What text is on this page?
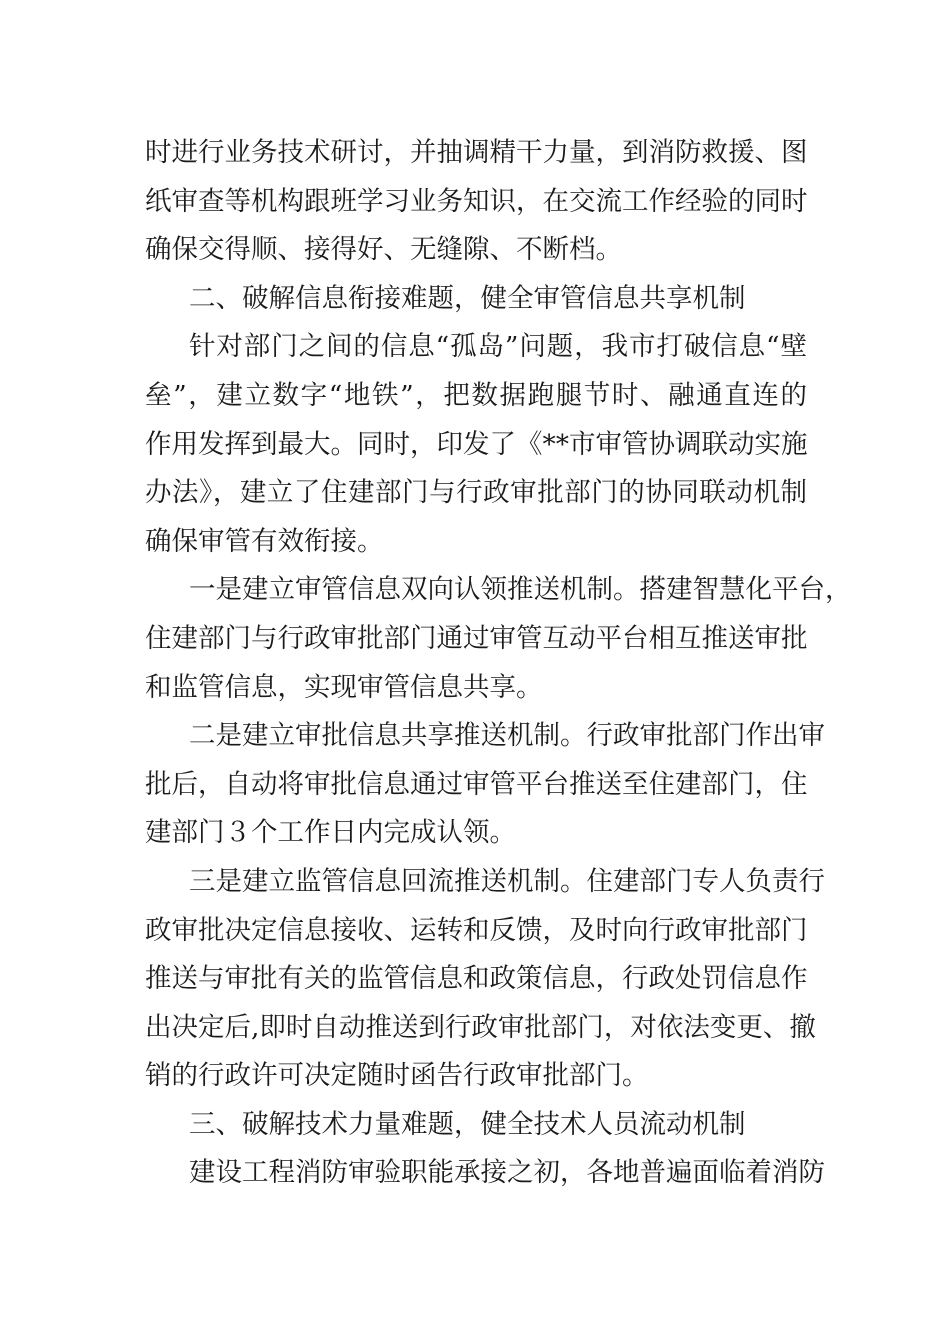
时进行业务技术研讨，并抽调精干力量，到消防救援、图
纸审查等机构跟班学习业务知识，在交流工作经验的同时
确保交得顺、接得好、无缝隙、不断档。
二、破解信息衔接难题，健全审管信息共享机制
针对部门之间的信息“孤岛”问题，我市打破信息“壁
垒”，建立数字“地铁”，把数据跑腿节时、融通直连的
作用发挥到最大。同时，印发了《**市审管协调联动实施
办法》，建立了住建部门与行政审批部门的协同联动机制
确保审管有效衔接。
一是建立审管信息双向认领推送机制。搭建智慧化平台，
住建部门与行政审批部门通过审管互动平台相互推送审批
和监管信息，实现审管信息共享。
二是建立审批信息共享推送机制。行政审批部门作出审
批后，自动将审批信息通过审管平台推送至住建部门，住
建部门３个工作日内完成认领。
三是建立监管信息回流推送机制。住建部门专人负责行
政审批决定信息接收、运转和反馈，及时向行政审批部门
推送与审批有关的监管信息和政策信息，行政处罚信息作
出决定后,即时自动推送到行政审批部门，对依法变更、撤
销的行政许可决定随时函告行政审批部门。
三、破解技术力量难题，健全技术人员流动机制
建设工程消防审验职能承接之初，各地普遍面临着消防
